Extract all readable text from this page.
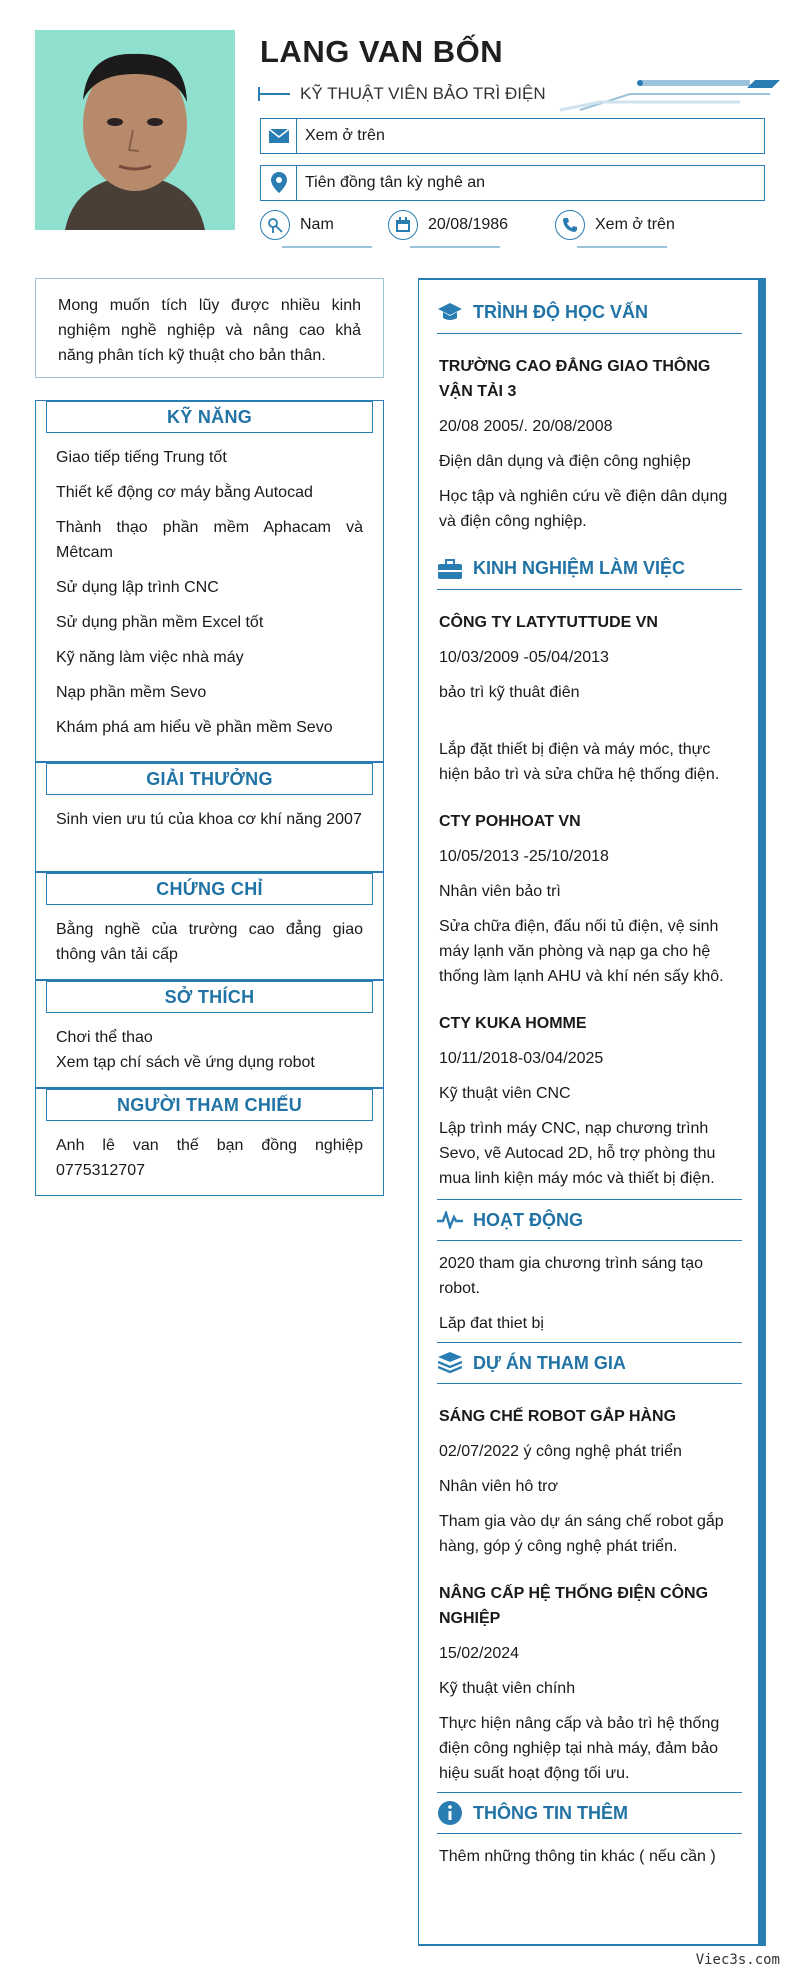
LANG VAN BỐN
KỸ THUẬT VIÊN BẢO TRÌ ĐIỆN
Xem ở trên
Tiên đồng tân kỳ nghê an
Nam	20/08/1986	Xem ở trên
Mong muốn tích lũy được nhiều kinh nghiệm nghề nghiệp và nâng cao khả năng phân tích kỹ thuật cho bản thân.
KỸ NĂNG
Giao tiếp tiếng Trung tốt
Thiết kế động cơ máy bằng Autocad
Thành thạo phần mềm Aphacam và Mêtcam
Sử dụng lập trình CNC
Sử dụng phần mềm Excel tốt
Kỹ năng làm việc nhà máy
Nạp phần mềm Sevo
Khám phá am hiểu về phần mềm Sevo
GIẢI THƯỞNG
Sinh vien ưu tú của khoa cơ khí năng 2007
CHỨNG CHỈ
Bằng nghề của trường cao đẳng giao thông vân tải cấp
SỞ THÍCH
Chơi thể thao
Xem tạp chí sách về ứng dụng robot
NGƯỜI THAM CHIẾU
Anh lê van thế bạn đồng nghiệp 0775312707
TRÌNH ĐỘ HỌC VẤN
TRƯỜNG CAO ĐẲNG GIAO THÔNG VẬN TẢI 3

20/08 2005/. 20/08/2008

Điện dân dụng và điện công nghiệp

Học tập và nghiên cứu về điện dân dụng và điện công nghiệp.

KINH NGHIỆM LÀM VIỆC
CÔNG TY LATYTUTTUDE VN

10/03/2009 -05/04/2013

bảo trì kỹ thuât điên

Lắp đặt thiết bị điện và máy móc, thực hiện bảo trì và sửa chữa hệ thống điện.

CTY POHHOAT VN

10/05/2013 -25/10/2018

Nhân viên bảo trì

Sửa chữa điện, đấu nối tủ điện, vệ sinh máy lạnh văn phòng và nạp ga cho hệ thống làm lạnh AHU và khí nén sấy khô.

CTY KUKA HOMME

10/11/2018-03/04/2025

Kỹ thuật viên CNC

Lập trình máy CNC, nạp chương trình Sevo, vẽ Autocad 2D, hỗ trợ phòng thu mua linh kiện máy móc và thiết bị điện.

HOẠT ĐỘNG

2020 tham gia chương trình sáng tạo robot.

Lăp đat thiet bị

DỰ ÁN THAM GIA
SÁNG CHẾ ROBOT GẮP HÀNG

02/07/2022 ý công nghệ phát triển

Nhân viên hô trơ

Tham gia vào dự án sáng chế robot gắp hàng, góp ý công nghệ phát triển.

NÂNG CẤP HỆ THỐNG ĐIỆN CÔNG NGHIỆP

15/02/2024

Kỹ thuật viên chính

Thực hiện nâng cấp và bảo trì hệ thống điện công nghiệp tại nhà máy, đảm bảo hiệu suất hoạt động tối ưu.

THÔNG TIN THÊM

Thêm những thông tin khác ( nếu cần )

Viec3s.com
